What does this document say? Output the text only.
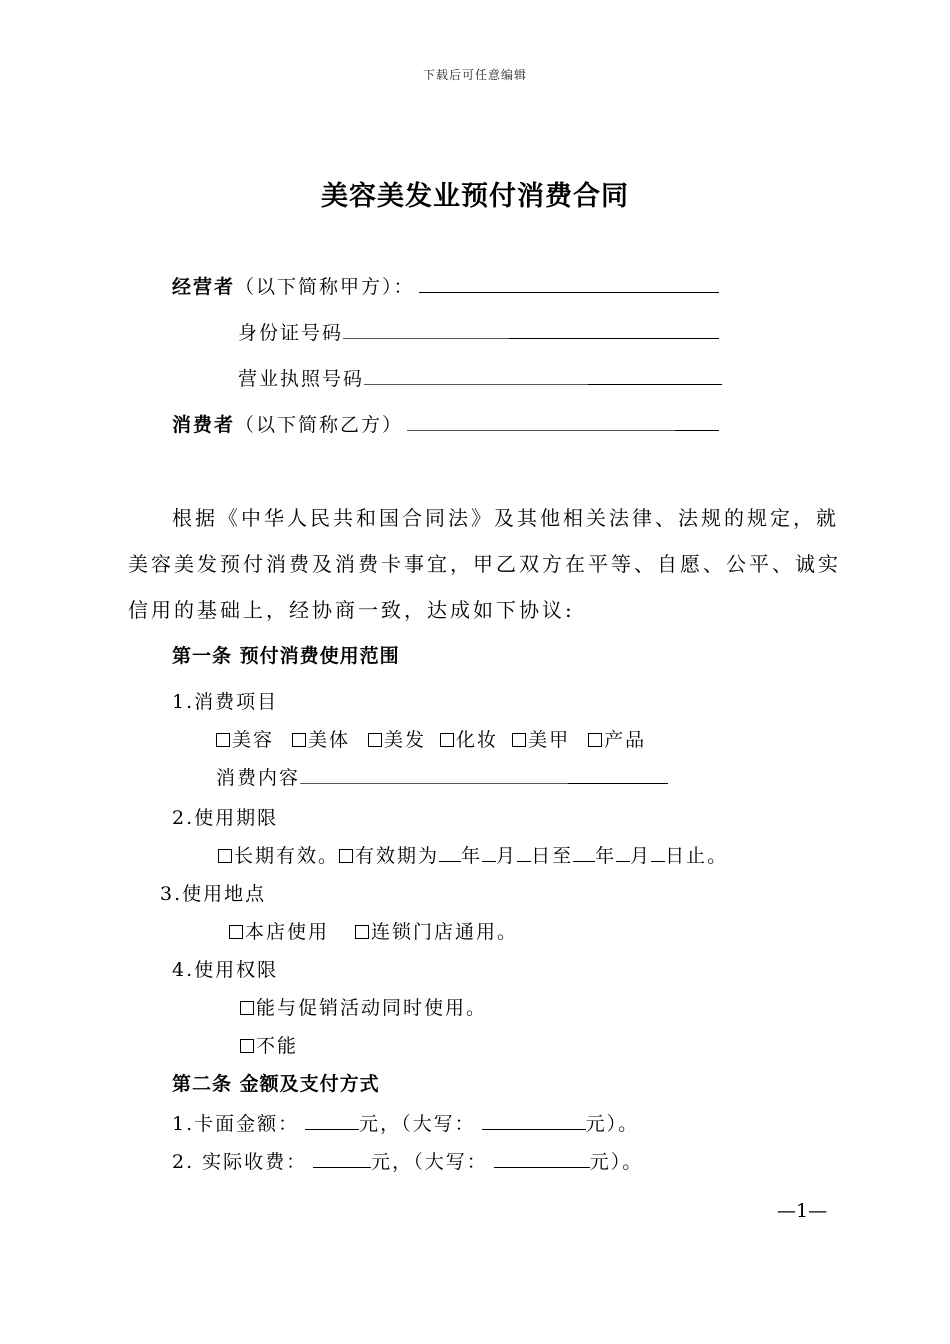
下载后可任意编辑
美容美发业预付消费合同
经营者（以下简称甲方）：
身份证号码
营业执照号码
消费者（以下简称乙方）
根据《中华人民共和国合同法》及其他相关法律、法规的规定，就
美容美发预付消费及消费卡事宜，甲乙双方在平等、自愿、公平、诚实
信用的基础上，经协商一致，达成如下协议:
第一条 预付消费使用范围
1.消费项目
美容 美体 美发 化妆 美甲 产品
消费内容
2.使用期限
长期有效。 有效期为 年 月 日至 年 月 日止。
3.使用地点
本店使用 连锁门店通用。
4.使用权限
能与促销活动同时使用。
不能
第二条 金额及支付方式
1.卡面金额：	元，（大写：	元）。
2. 实际收费：	元，（大写：	元）。
—1—
